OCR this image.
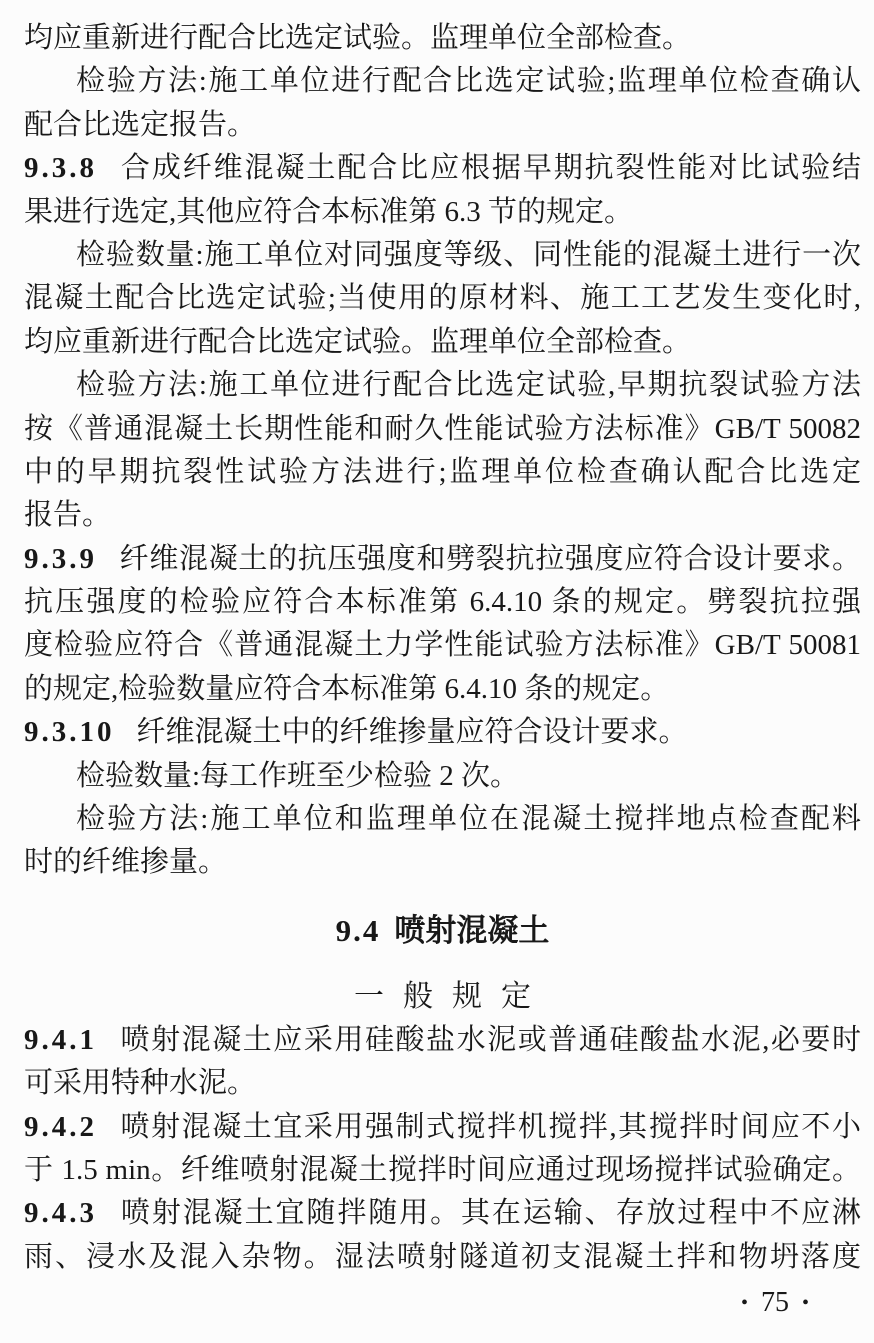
均应重新进行配合比选定试验。监理单位全部检查。
检验方法:施工单位进行配合比选定试验;监理单位检查确认
配合比选定报告。
9.3.8 合成纤维混凝土配合比应根据早期抗裂性能对比试验结
果进行选定,其他应符合本标准第 6.3 节的规定。
检验数量:施工单位对同强度等级、同性能的混凝土进行一次
混凝土配合比选定试验;当使用的原材料、施工工艺发生变化时,
均应重新进行配合比选定试验。监理单位全部检查。
检验方法:施工单位进行配合比选定试验,早期抗裂试验方法
按《普通混凝土长期性能和耐久性能试验方法标准》GB/T 50082
中的早期抗裂性试验方法进行;监理单位检查确认配合比选定
报告。
9.3.9 纤维混凝土的抗压强度和劈裂抗拉强度应符合设计要求。
抗压强度的检验应符合本标准第 6.4.10 条的规定。劈裂抗拉强
度检验应符合《普通混凝土力学性能试验方法标准》GB/T 50081
的规定,检验数量应符合本标准第 6.4.10 条的规定。
9.3.10 纤维混凝土中的纤维掺量应符合设计要求。
检验数量:每工作班至少检验 2 次。
检验方法:施工单位和监理单位在混凝土搅拌地点检查配料
时的纤维掺量。
9.4 喷射混凝土
一般规定
9.4.1 喷射混凝土应采用硅酸盐水泥或普通硅酸盐水泥,必要时
可采用特种水泥。
9.4.2 喷射混凝土宜采用强制式搅拌机搅拌,其搅拌时间应不小
于 1.5 min。纤维喷射混凝土搅拌时间应通过现场搅拌试验确定。
9.4.3 喷射混凝土宜随拌随用。其在运输、存放过程中不应淋
雨、浸水及混入杂物。湿法喷射隧道初支混凝土拌和物坍落度
• 75 •
